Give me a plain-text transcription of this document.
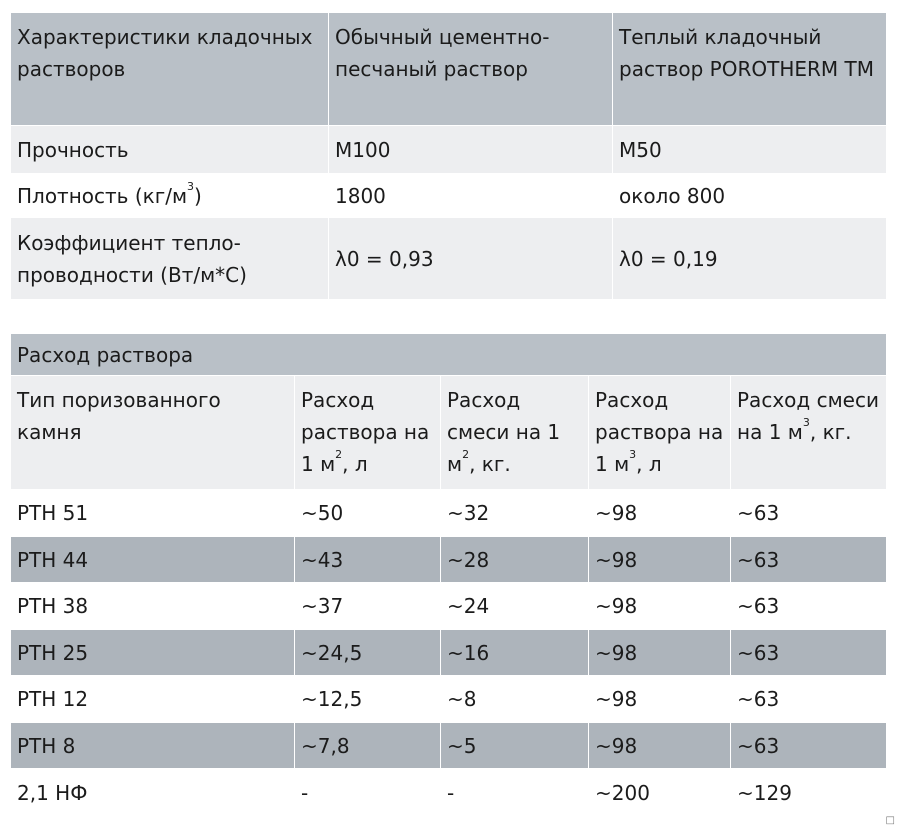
Характеристики кладочных растворов	Обычный цементно-песчаный раствор	Теплый кладочный раствор POROTHERM TM
Прочность	М100	М50
Плотность $(кг/м^3)$	1800	около 800
Коэффициент тепло-проводности (Вт/м*С)	λ0 = 0,93	λ0 = 0,19
Расход раствора				
Тип поризованного камня	Расход раствора на 1 $м^2$, л	Расход смеси на 1 $м^2$, кг.	Расход раствора на 1 $м^3$, л	Расход смеси на 1 $м^3$, кг.
PTH 51	~50	~32	~98	~63
PTH 44	~43	~28	~98	~63
PTH 38	~37	~24	~98	~63
PTH 25	~24,5	~16	~98	~63
PTH 12	~12,5	~8	~98	~63
PTH 8	~7,8	~5	~98	~63
2,1 НФ	-	-	~200	~129
□
